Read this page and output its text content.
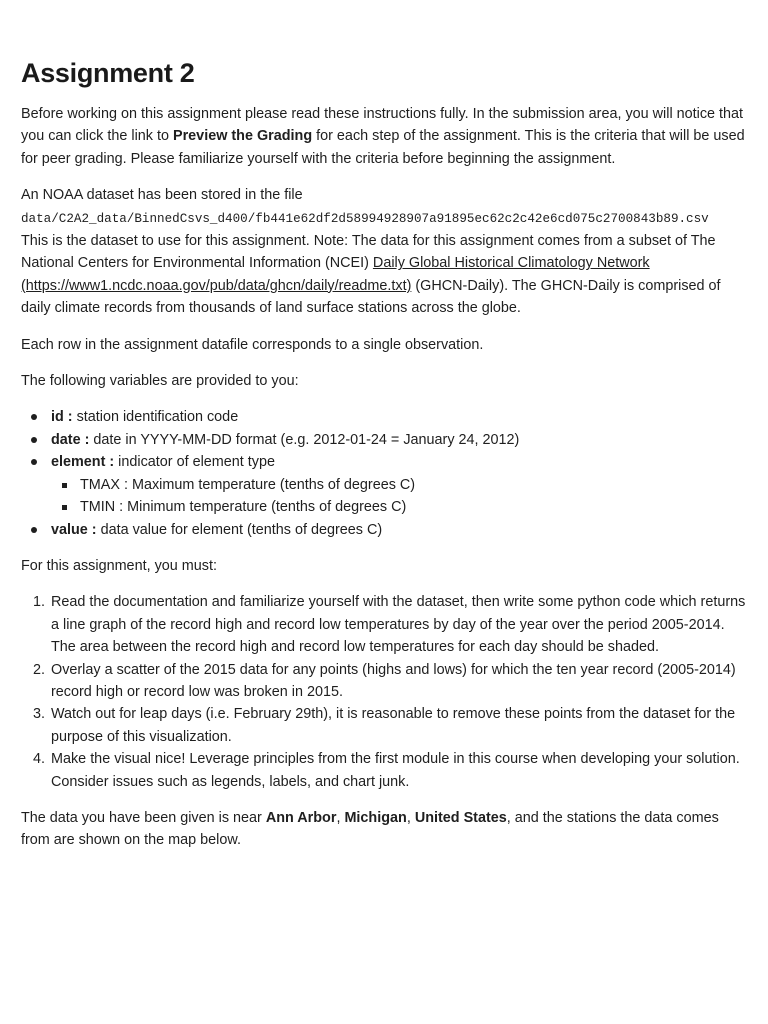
Assignment 2

Before working on this assignment please read these instructions fully. In the submission area, you will notice that you can click the link to Preview the Grading for each step of the assignment. This is the criteria that will be used for peer grading. Please familiarize yourself with the criteria before beginning the assignment.

An NOAA dataset has been stored in the file
data/C2A2_data/BinnedCsvs_d400/fb441e62df2d58994928907a91895ec62c2c42e6cd075c2700843b89.csv
This is the dataset to use for this assignment. Note: The data for this assignment comes from a subset of The National Centers for Environmental Information (NCEI) Daily Global Historical Climatology Network (https://www1.ncdc.noaa.gov/pub/data/ghcn/daily/readme.txt) (GHCN-Daily). The GHCN-Daily is comprised of daily climate records from thousands of land surface stations across the globe.

Each row in the assignment datafile corresponds to a single observation.

The following variables are provided to you:

id : station identification code
date : date in YYYY-MM-DD format (e.g. 2012-01-24 = January 24, 2012)
element : indicator of element type
TMAX : Maximum temperature (tenths of degrees C)
TMIN : Minimum temperature (tenths of degrees C)
value : data value for element (tenths of degrees C)

For this assignment, you must:

Read the documentation and familiarize yourself with the dataset, then write some python code which returns a line graph of the record high and record low temperatures by day of the year over the period 2005-2014. The area between the record high and record low temperatures for each day should be shaded.
Overlay a scatter of the 2015 data for any points (highs and lows) for which the ten year record (2005-2014) record high or record low was broken in 2015.
Watch out for leap days (i.e. February 29th), it is reasonable to remove these points from the dataset for the purpose of this visualization.
Make the visual nice! Leverage principles from the first module in this course when developing your solution. Consider issues such as legends, labels, and chart junk.

The data you have been given is near Ann Arbor, Michigan, United States, and the stations the data comes from are shown on the map below.
